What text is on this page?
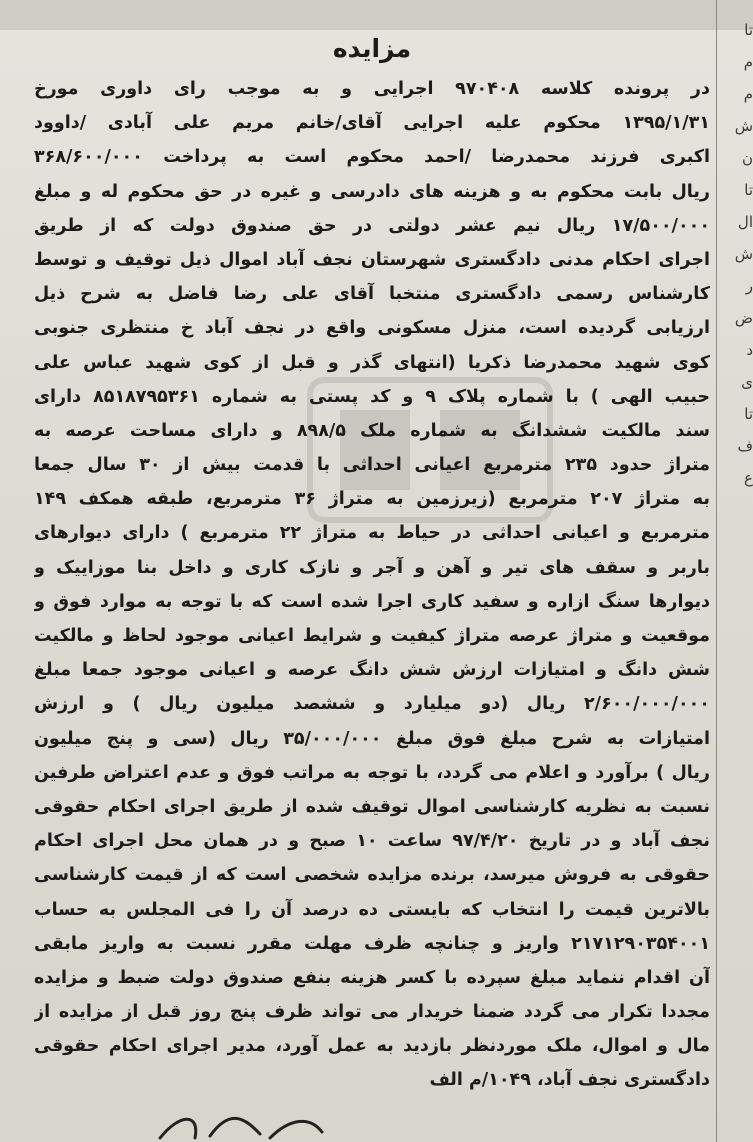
تا
م
م
ش
ن
تا
ال
ش
ر
ض
د
ی
تا
ف
ع
مزایده
در پرونده کلاسه ۹۷۰۴۰۸ اجرایی و به موجب رای داوری مورخ
۱۳۹۵/۱/۳۱ محکوم علیه اجرایی آقای/خانم مریم علی آبادی /داوود
اکبری فرزند محمدرضا /احمد محکوم است به پرداخت ۳۶۸/۶۰۰/۰۰۰
ریال بابت محکوم به و هزینه های دادرسی و غیره در حق محکوم له و مبلغ
۱۷/۵۰۰/۰۰۰ ریال نیم عشر دولتی در حق صندوق دولت که از طریق
اجرای احکام مدنی دادگستری شهرستان نجف آباد اموال ذیل توقیف و توسط
کارشناس رسمی دادگستری منتخبا آقای علی رضا فاضل به شرح ذیل
ارزیابی گردیده است، منزل مسکونی واقع در نجف آباد خ منتظری جنوبی
کوی شهید محمدرضا ذکریا (انتهای گذر و قبل از کوی شهید عباس علی
حبیب الهی ) با شماره پلاک ۹ و کد پستی به شماره ۸۵۱۸۷۹۵۳۶۱ دارای
سند مالکیت ششدانگ به شماره ملک ۸۹۸/۵ و دارای مساحت عرصه به
متراژ حدود ۲۳۵ مترمربع اعیانی احداثی با قدمت بیش از ۳۰ سال جمعا
به متراژ ۲۰۷ مترمربع (زیرزمین به متراژ ۳۶ مترمربع، طبقه همکف ۱۴۹
مترمربع و اعیانی احداثی در حیاط به متراژ ۲۲ مترمربع ) دارای دیوارهای
باربر و سقف های تیر و آهن و آجر و نازک کاری و داخل بنا موزاییک و
دیوارها سنگ ازاره و سفید کاری اجرا شده است که با توجه به موارد فوق و
موقعیت و متراژ عرصه متراژ کیفیت و شرایط اعیانی موجود لحاظ و مالکیت
شش دانگ و امتیازات ارزش شش دانگ عرصه و اعیانی موجود جمعا مبلغ
۲/۶۰۰/۰۰۰/۰۰۰ ریال (دو میلیارد و ششصد میلیون ریال ) و ارزش
امتیازات به شرح مبلغ فوق مبلغ ۳۵/۰۰۰/۰۰۰ ریال (سی و پنج میلیون
ریال ) برآورد و اعلام می گردد، با توجه به مراتب فوق و عدم اعتراض طرفین
نسبت به نظریه کارشناسی اموال توقیف شده از طریق اجرای احکام حقوقی
نجف آباد و در تاریخ ۹۷/۴/۲۰ ساعت ۱۰ صبح و در همان محل اجرای احکام
حقوقی به فروش میرسد، برنده مزایده شخصی است که از قیمت کارشناسی
بالاترین قیمت را انتخاب که بایستی ده درصد آن را فی المجلس به حساب
۲۱۷۱۲۹۰۳۵۴۰۰۱ واریز و چنانچه ظرف مهلت مقرر نسبت به واریز مابقی
آن اقدام ننماید مبلغ سپرده با کسر هزینه بنفع صندوق دولت ضبط و مزایده
مجددا تکرار می گردد ضمنا خریدار می تواند ظرف پنج روز قبل از مزایده از
مال و اموال، ملک موردنظر بازدید به عمل آورد، مدیر اجرای احکام حقوقی
دادگستری نجف آباد، ۱۰۴۹/م الف
